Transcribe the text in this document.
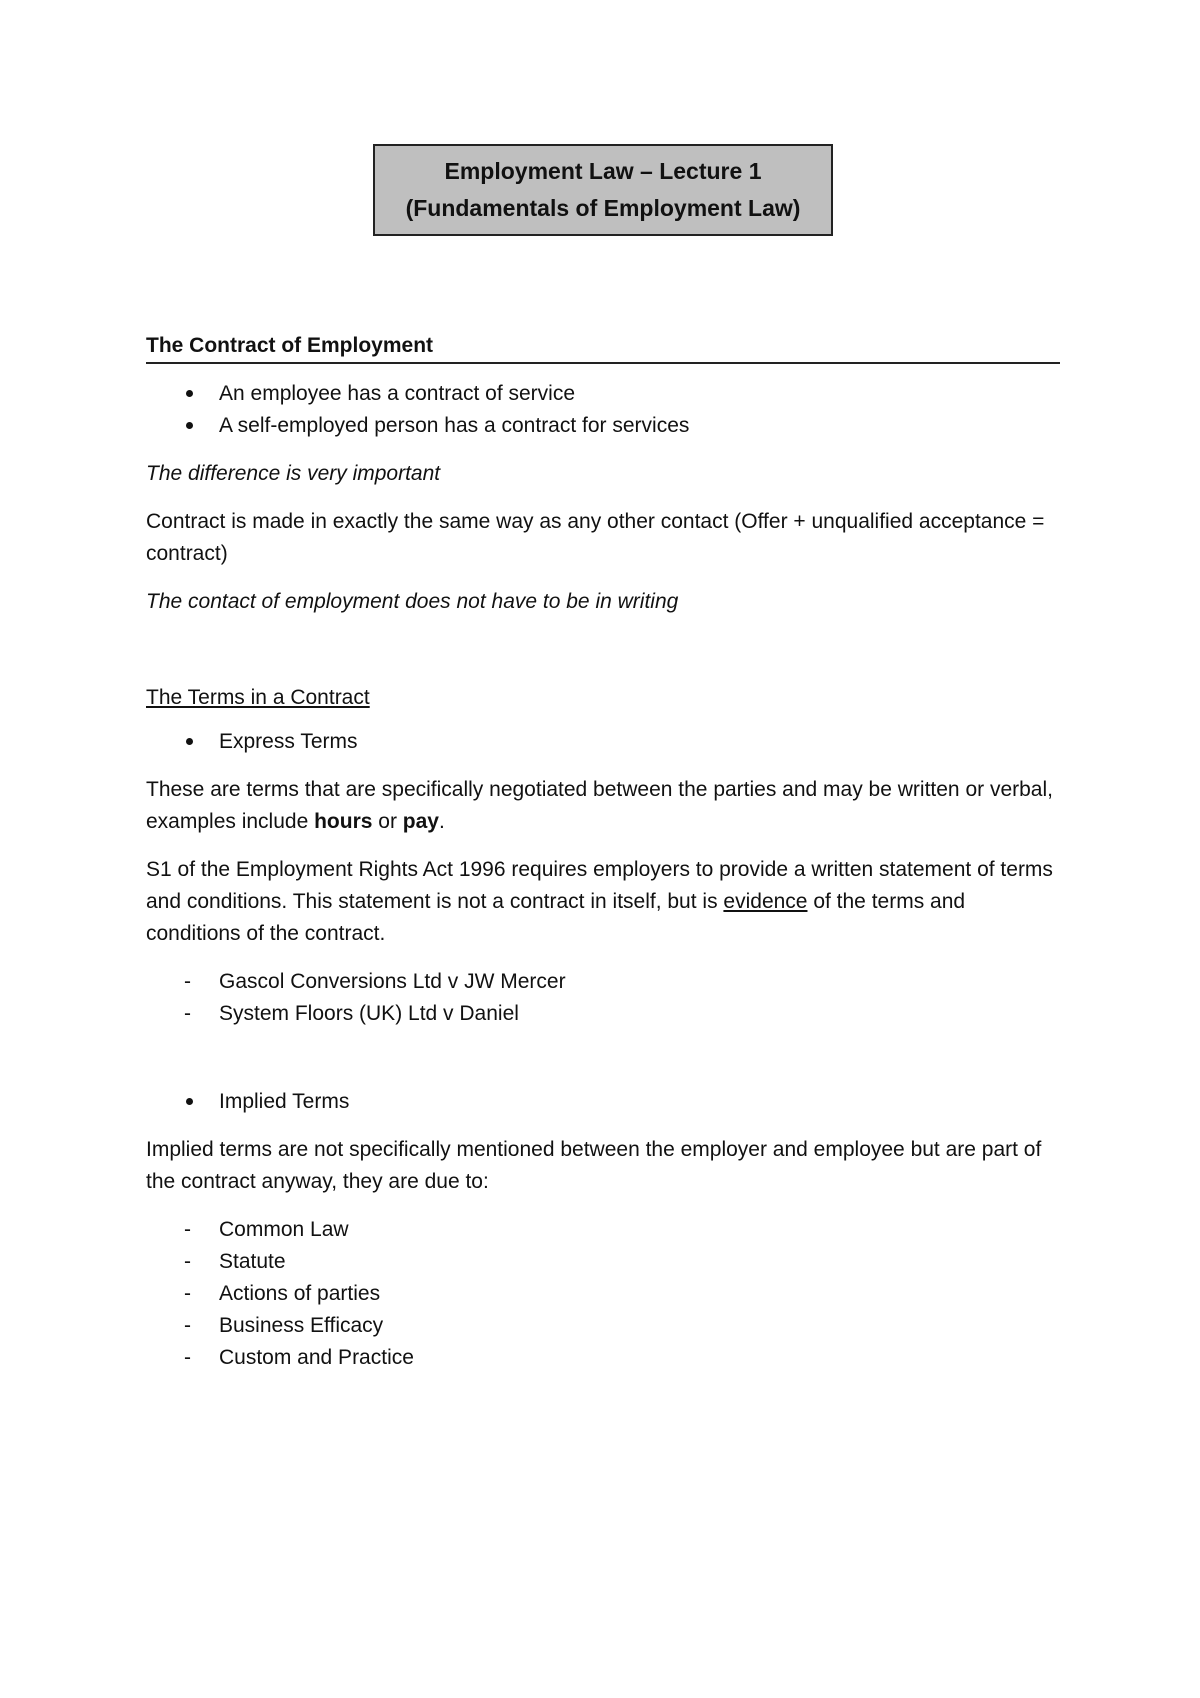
Employment Law – Lecture 1
(Fundamentals of Employment Law)
The Contract of Employment
An employee has a contract of service
A self-employed person has a contract for services

The difference is very important

Contract is made in exactly the same way as any other contact (Offer + unqualified acceptance = contract)

The contact of employment does not have to be in writing

The Terms in a Contract
Express Terms

These are terms that are specifically negotiated between the parties and may be written or verbal, examples include hours or pay.

S1 of the Employment Rights Act 1996 requires employers to provide a written statement of terms and conditions. This statement is not a contract in itself, but is evidence of the terms and conditions of the contract.

- Gascol Conversions Ltd v JW Mercer
- System Floors (UK) Ltd v Daniel
Implied Terms

Implied terms are not specifically mentioned between the employer and employee but are part of the contract anyway, they are due to:

- Common Law
- Statute
- Actions of parties
- Business Efficacy
- Custom and Practice
